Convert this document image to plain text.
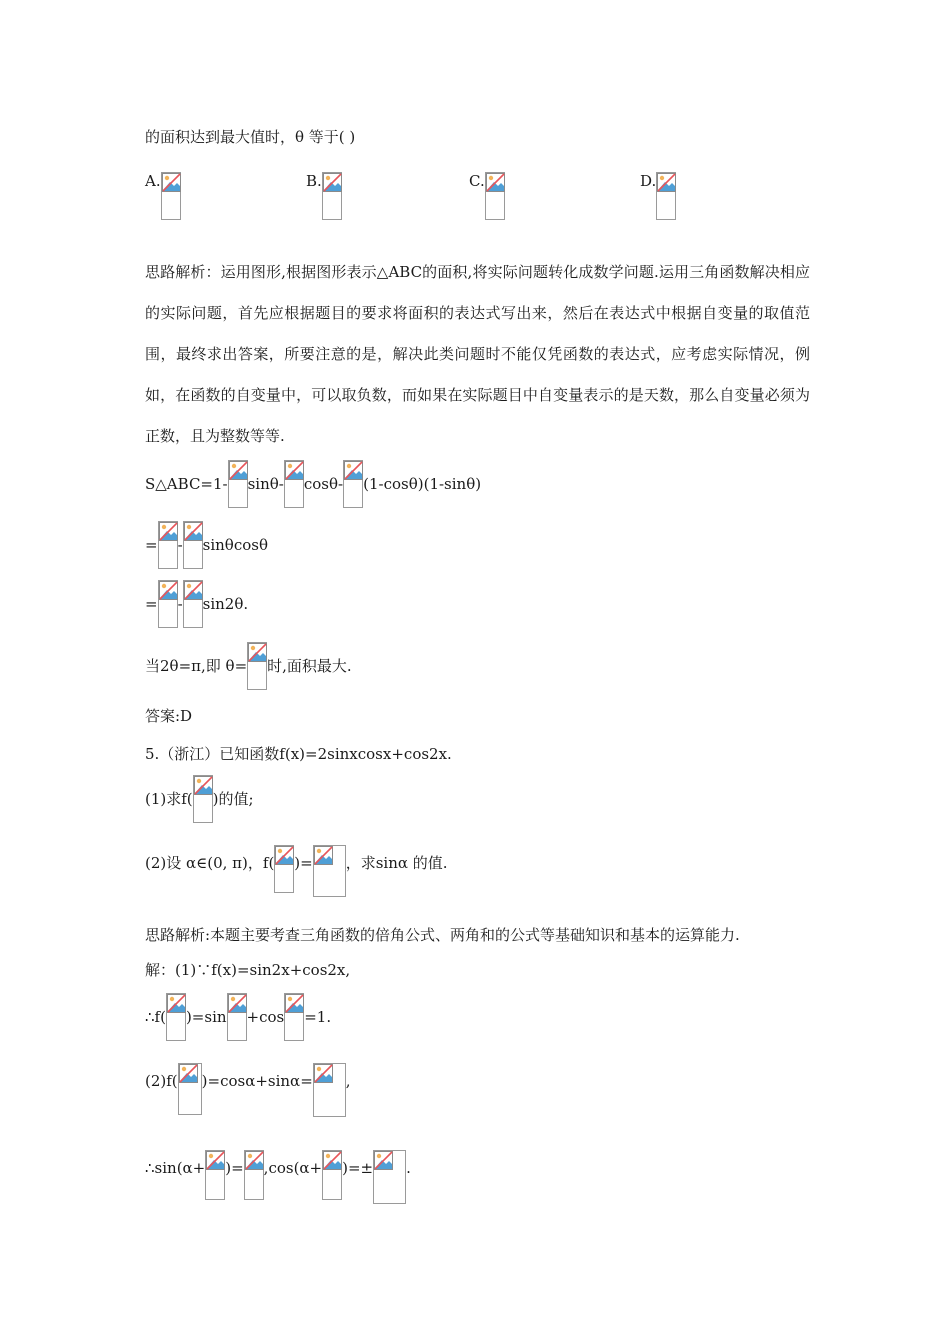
的面积达到最大值时，θ 等于( )
A.	B.	C.	D.

思路解析：运用图形,根据图形表示△ABC的面积,将实际问题转化成数学问题.运用三角函数解决相应的实际问题，首先应根据题目的要求将面积的表达式写出来，然后在表达式中根据自变量的取值范围，最终求出答案，所要注意的是，解决此类问题时不能仅凭函数的表达式，应考虑实际情况，例如，在函数的自变量中，可以取负数，而如果在实际题目中自变量表示的是天数，那么自变量必须为正数，且为整数等等.

S△ABC=1- sinθ- cosθ- (1-cosθ)(1-sinθ)
= - sinθcosθ
= - sin2θ.
当2θ=π,即 θ= 时,面积最大.
答案:D
5.（浙江）已知函数f(x)=2sinxcosx+cos2x.
(1)求f( )的值;
(2)设 α∈(0, π)，f( )= ，求sinα 的值.
思路解析:本题主要考查三角函数的倍角公式、两角和的公式等基础知识和基本的运算能力.
解：(1)∵f(x)=sin2x+cos2x,
∴f( )=sin +cos =1.
(2)f( )=cosα+sinα= ,
∴sin(α+ )= ,cos(α+ )=± .
